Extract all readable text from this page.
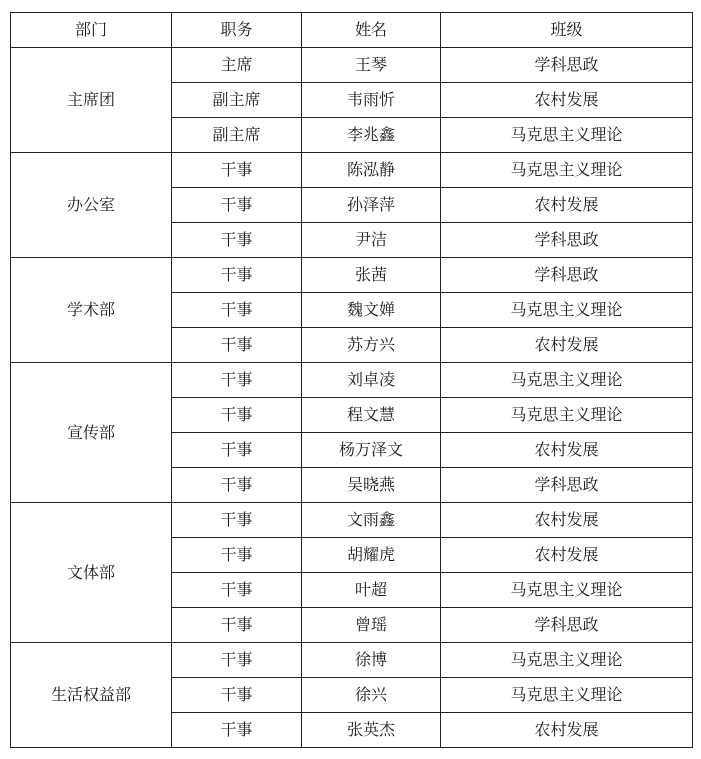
部门	职务	姓名	班级
主席团	主席	王琴	学科思政
	副主席	韦雨忻	农村发展
	副主席	李兆鑫	马克思主义理论
办公室	干事	陈泓静	马克思主义理论
	干事	孙泽萍	农村发展
	干事	尹洁	学科思政
学术部	干事	张茜	学科思政
	干事	魏文婵	马克思主义理论
	干事	苏方兴	农村发展
宣传部	干事	刘卓凌	马克思主义理论
	干事	程文慧	马克思主义理论
	干事	杨万泽文	农村发展
	干事	吴晓燕	学科思政
文体部	干事	文雨鑫	农村发展
	干事	胡耀虎	农村发展
	干事	叶超	马克思主义理论
	干事	曾瑶	学科思政
生活权益部	干事	徐博	马克思主义理论
	干事	徐兴	马克思主义理论
	干事	张英杰	农村发展
